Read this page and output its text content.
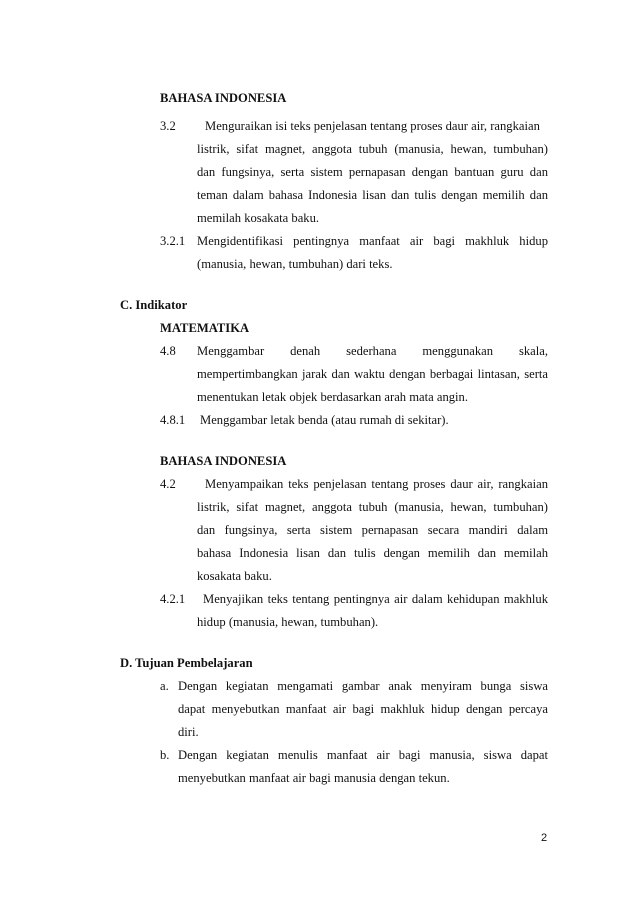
BAHASA INDONESIA
3.2 Menguraikan isi teks penjelasan tentang proses daur air, rangkaian
listrik, sifat magnet, anggota tubuh (manusia, hewan, tumbuhan)
dan fungsinya, serta sistem pernapasan dengan bantuan guru dan
teman dalam bahasa Indonesia lisan dan tulis dengan memilih dan
memilah kosakata baku.
3.2.1 Mengidentifikasi pentingnya manfaat air bagi makhluk hidup
(manusia, hewan, tumbuhan) dari teks.
C. Indikator
MATEMATIKA
4.8 Menggambar denah sederhana menggunakan skala,
mempertimbangkan jarak dan waktu dengan berbagai lintasan, serta
menentukan letak objek berdasarkan arah mata angin.
4.8.1 Menggambar letak benda (atau rumah di sekitar).
BAHASA INDONESIA
4.2 Menyampaikan teks penjelasan tentang proses daur air, rangkaian
listrik, sifat magnet, anggota tubuh (manusia, hewan, tumbuhan)
dan fungsinya, serta sistem pernapasan secara mandiri dalam
bahasa Indonesia lisan dan tulis dengan memilih dan memilah
kosakata baku.
4.2.1 Menyajikan teks tentang pentingnya air dalam kehidupan makhluk
hidup (manusia, hewan, tumbuhan).
D. Tujuan Pembelajaran
a. Dengan kegiatan mengamati gambar anak menyiram bunga siswa
dapat menyebutkan manfaat air bagi makhluk hidup dengan percaya
diri.
b. Dengan kegiatan menulis manfaat air bagi manusia, siswa dapat
menyebutkan manfaat air bagi manusia dengan tekun.
2
